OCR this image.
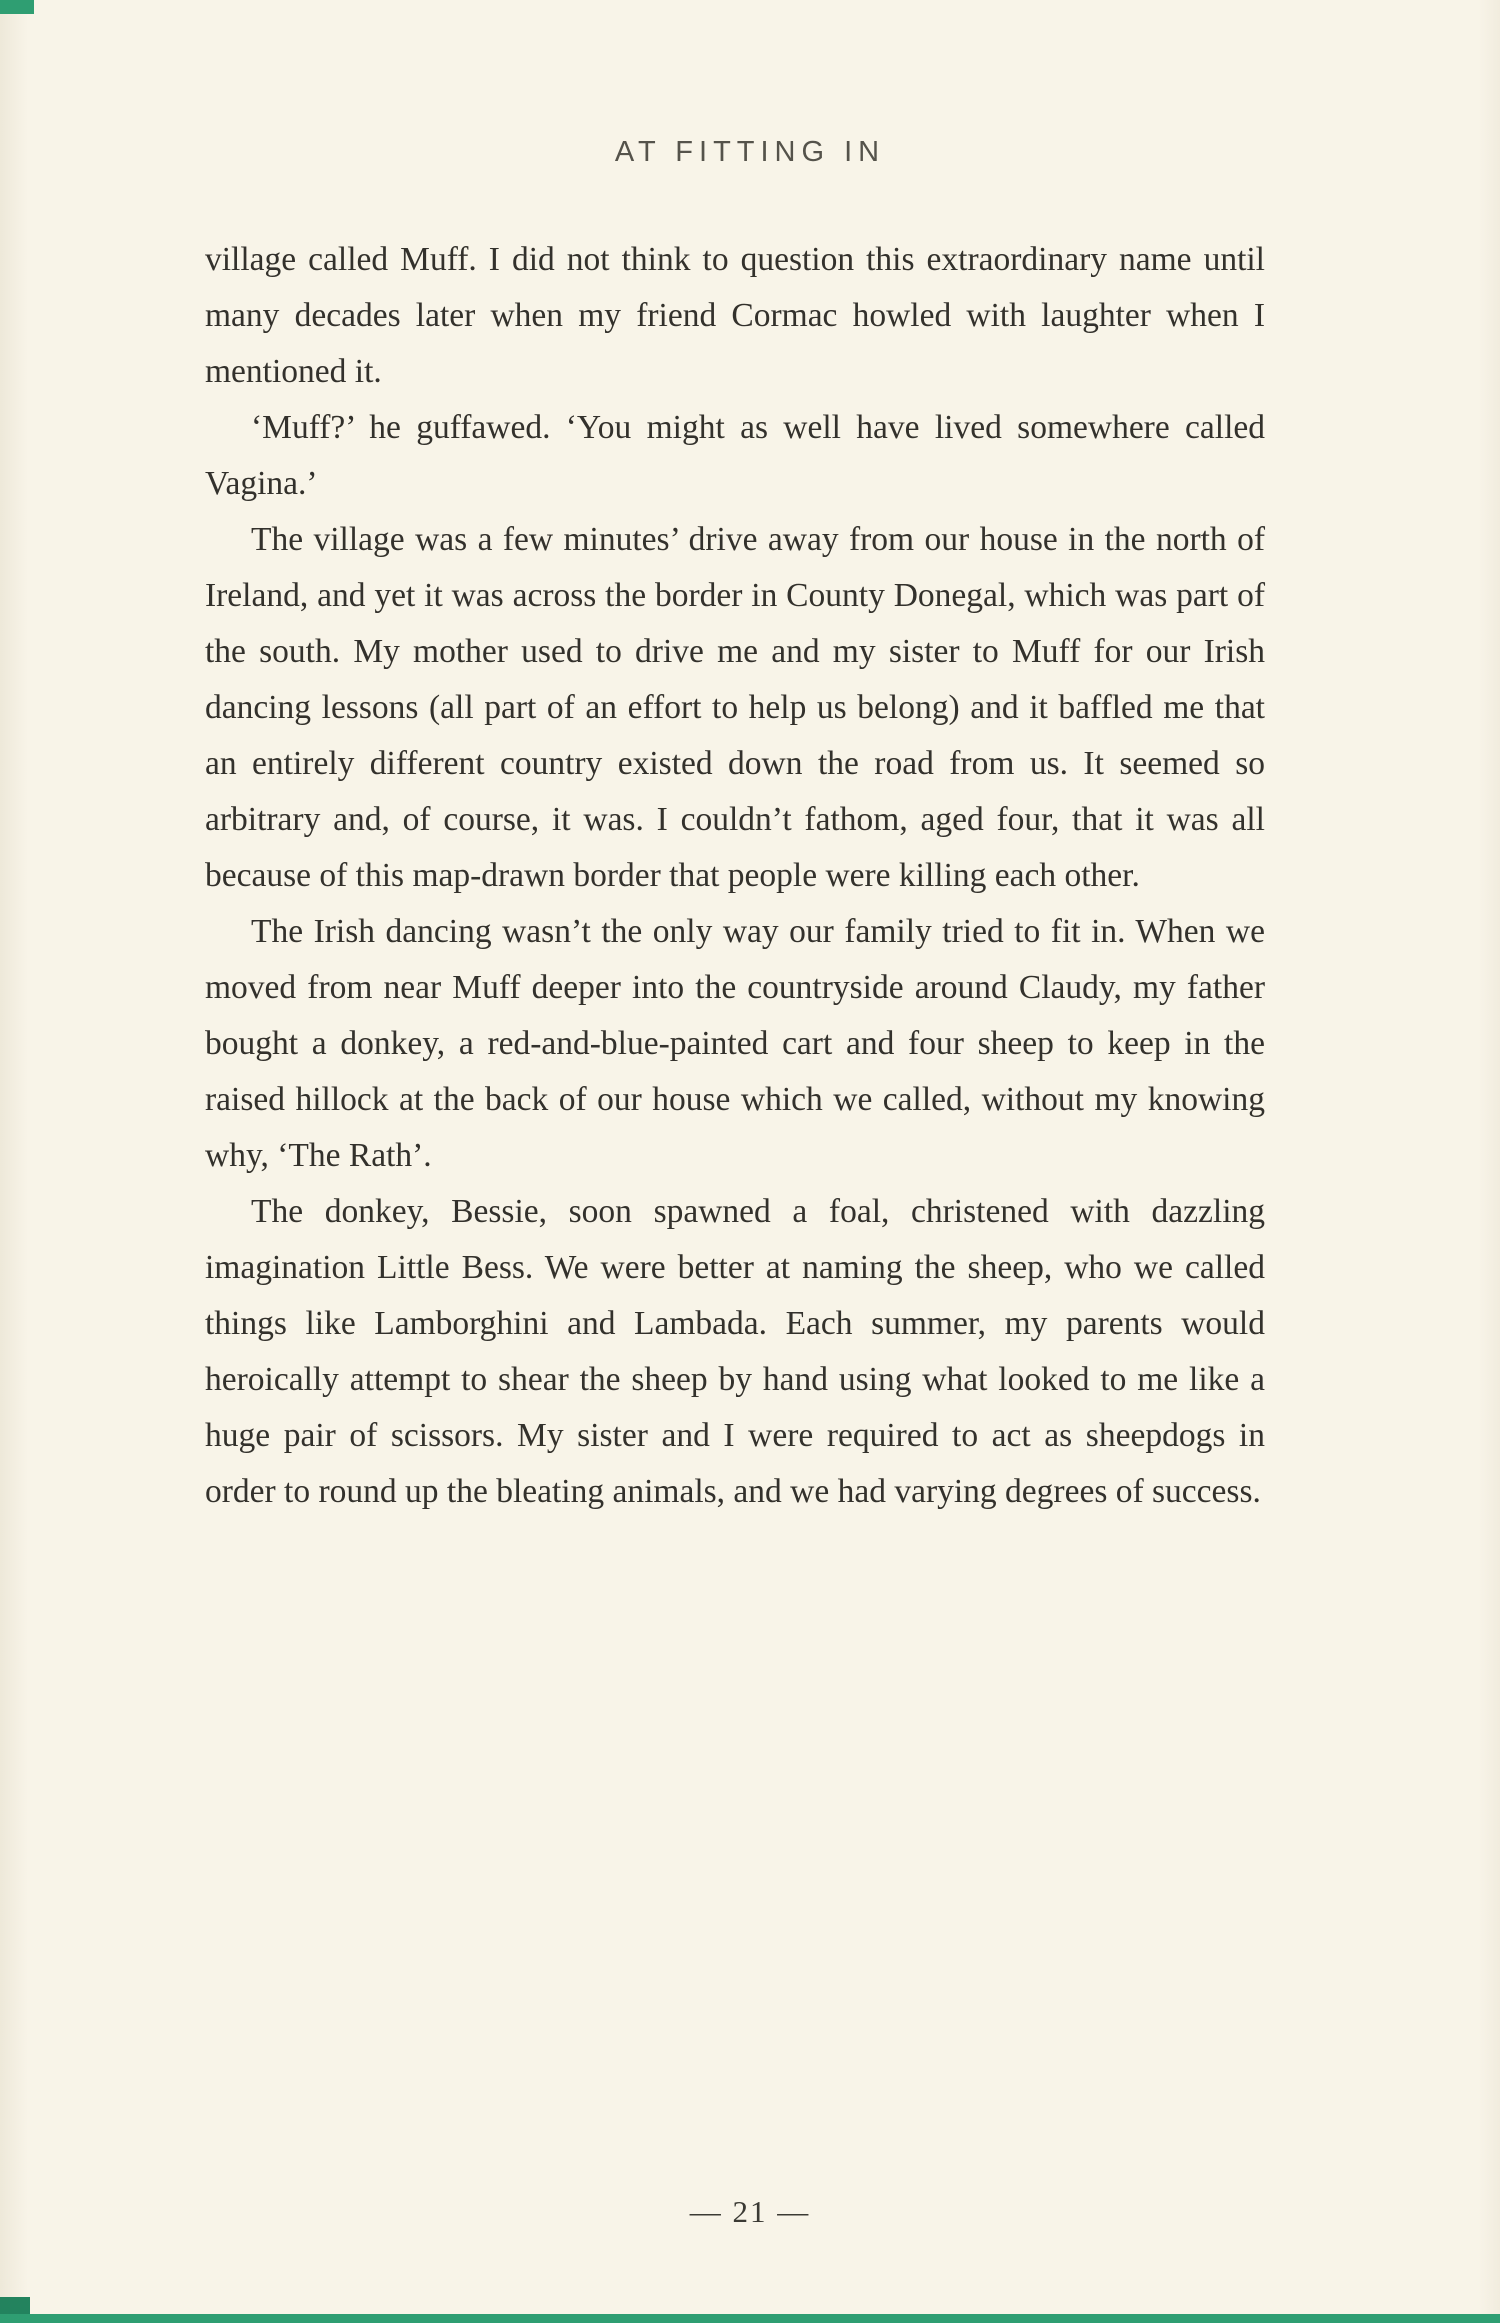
AT FITTING IN

village called Muff. I did not think to question this extraordinary name until many decades later when my friend Cormac howled with laughter when I mentioned it.

‘Muff?’ he guffawed. ‘You might as well have lived somewhere called Vagina.’

The village was a few minutes’ drive away from our house in the north of Ireland, and yet it was across the border in County Donegal, which was part of the south. My mother used to drive me and my sister to Muff for our Irish dancing lessons (all part of an effort to help us belong) and it baffled me that an entirely different country existed down the road from us. It seemed so arbitrary and, of course, it was. I couldn’t fathom, aged four, that it was all because of this map-drawn border that people were killing each other.

The Irish dancing wasn’t the only way our family tried to fit in. When we moved from near Muff deeper into the countryside around Claudy, my father bought a donkey, a red-and-blue-painted cart and four sheep to keep in the raised hillock at the back of our house which we called, without my knowing why, ‘The Rath’.

The donkey, Bessie, soon spawned a foal, christened with dazzling imagination Little Bess. We were better at naming the sheep, who we called things like Lamborghini and Lambada. Each summer, my parents would heroically attempt to shear the sheep by hand using what looked to me like a huge pair of scissors. My sister and I were required to act as sheepdogs in order to round up the bleating animals, and we had varying degrees of success.

— 21 —
